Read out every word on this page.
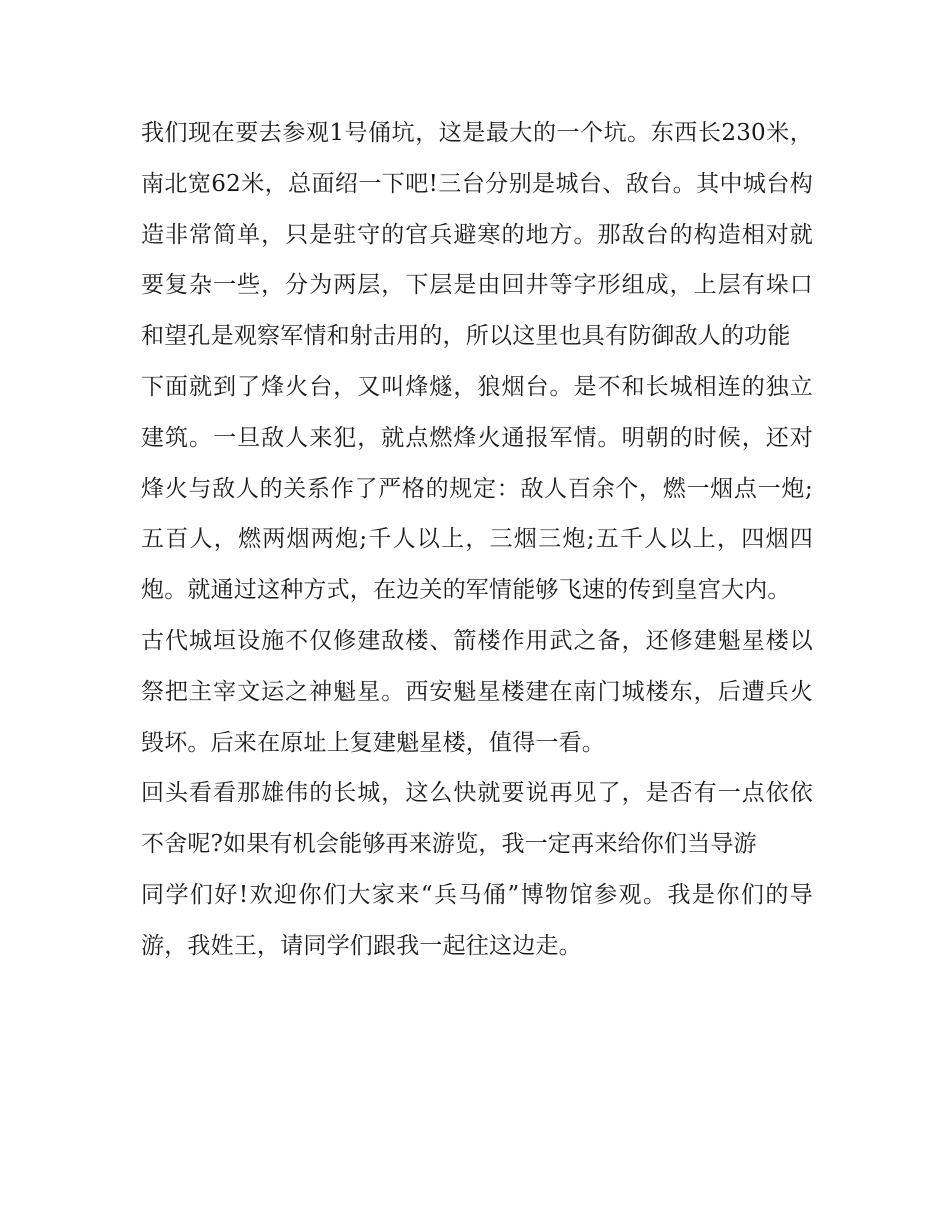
我们现在要去参观1号俑坑，这是最大的一个坑。东西长230米，南北宽62米，总面绍一下吧!三台分别是城台、敌台。其中城台构造非常简单，只是驻守的官兵避寒的地方。那敌台的构造相对就要复杂一些，分为两层，下层是由回井等字形组成，上层有垛口和望孔是观察军情和射击用的，所以这里也具有防御敌人的功能

下面就到了烽火台，又叫烽燧，狼烟台。是不和长城相连的独立建筑。一旦敌人来犯，就点燃烽火通报军情。明朝的时候，还对烽火与敌人的关系作了严格的规定：敌人百余个，燃一烟点一炮;五百人，燃两烟两炮;千人以上，三烟三炮;五千人以上，四烟四炮。就通过这种方式，在边关的军情能够飞速的传到皇宫大内。

古代城垣设施不仅修建敌楼、箭楼作用武之备，还修建魁星楼以祭把主宰文运之神魁星。西安魁星楼建在南门城楼东，后遭兵火毁坏。后来在原址上复建魁星楼，值得一看。

回头看看那雄伟的长城，这么快就要说再见了，是否有一点依依不舍呢?如果有机会能够再来游览，我一定再来给你们当导游

同学们好!欢迎你们大家来“兵马俑”博物馆参观。我是你们的导游，我姓王，请同学们跟我一起往这边走。
